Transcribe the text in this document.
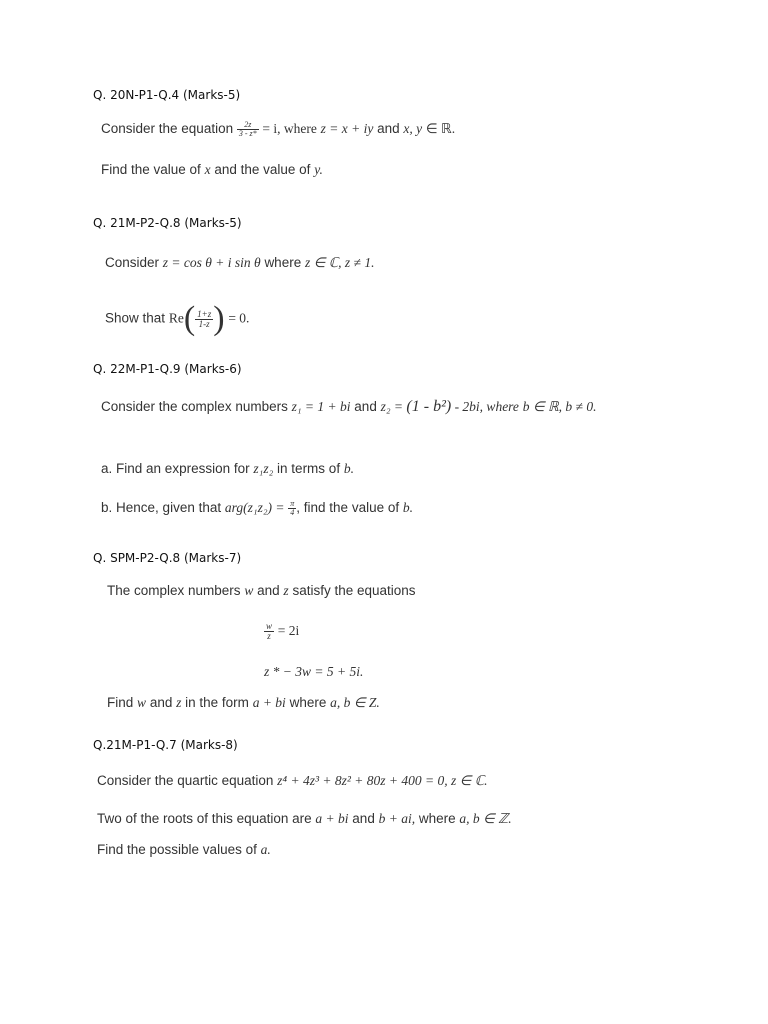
Q. 20N-P1-Q.4 (Marks-5)
Consider the equation $\frac{2z}{3 - z*} = i$, where z = x + iy and x, y ∈ ℝ.
Find the value of x and the value of y.
Q. 21M-P2-Q.8 (Marks-5)
Consider z = cos θ + i sin θ where z ∈ ℂ, z ≠ 1.
Show that $Re( \frac{1+z}{1-z}$ ) = 0.
Q. 22M-P1-Q.9 (Marks-6)
Consider the complex numbers z₁ = 1 + bi and z₂ = (1 - b²) - 2bi, where b ∈ ℝ, b ≠ 0.
a. Find an expression for z₁z₂ in terms of b.
b. Hence, given that $arg(z_1z_2) = \frac{\pi}{4}$ , find the value of b.
Q. SPM-P2-Q.8 (Marks-7)
The complex numbers w and z satisfy the equations
$\frac{w}{z} = 2i$
z * − 3w = 5 + 5i.
Find w and z in the form a + bi where a, b ∈ Z.
Q.21M-P1-Q.7 (Marks-8)
Consider the quartic equation z⁴ + 4z³ + 8z² + 80z + 400 = 0, z ∈ ℂ.
Two of the roots of this equation are a + bi and b + ai, where a, b ∈ ℤ.
Find the possible values of a.
